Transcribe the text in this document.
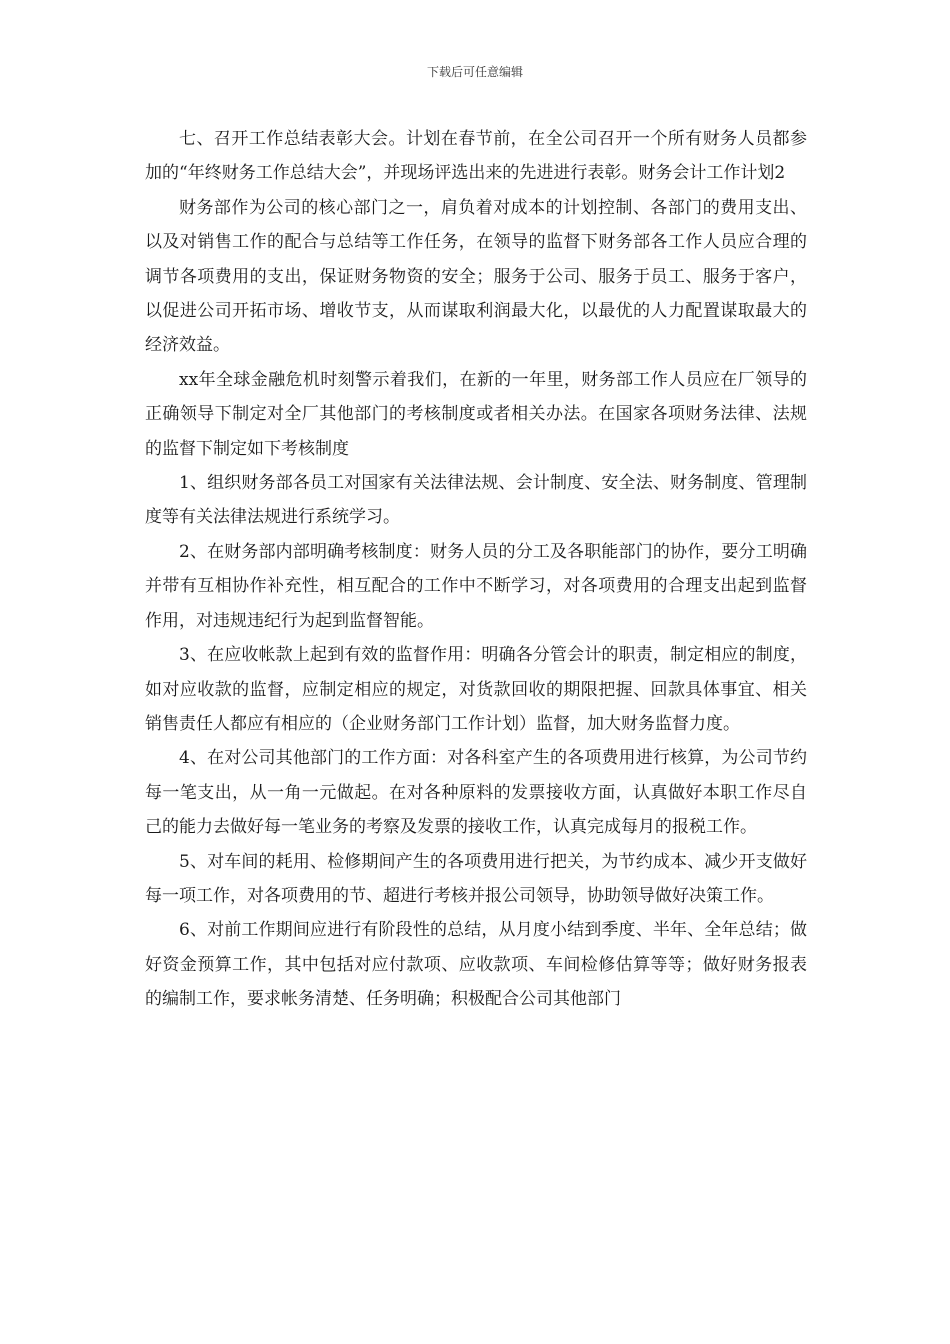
下载后可任意编辑

七、召开工作总结表彰大会。计划在春节前，在全公司召开一个所有财务人员都参加的“年终财务工作总结大会”，并现场评选出来的先进进行表彰。财务会计工作计划2

财务部作为公司的核心部门之一，肩负着对成本的计划控制、各部门的费用支出、以及对销售工作的配合与总结等工作任务，在领导的监督下财务部各工作人员应合理的调节各项费用的支出，保证财务物资的安全；服务于公司、服务于员工、服务于客户，以促进公司开拓市场、增收节支，从而谋取利润最大化，以最优的人力配置谋取最大的经济效益。

xx年全球金融危机时刻警示着我们，在新的一年里，财务部工作人员应在厂领导的正确领导下制定对全厂其他部门的考核制度或者相关办法。在国家各项财务法律、法规的监督下制定如下考核制度

1、组织财务部各员工对国家有关法律法规、会计制度、安全法、财务制度、管理制度等有关法律法规进行系统学习。

2、在财务部内部明确考核制度：财务人员的分工及各职能部门的协作，要分工明确并带有互相协作补充性，相互配合的工作中不断学习，对各项费用的合理支出起到监督作用，对违规违纪行为起到监督智能。

3、在应收帐款上起到有效的监督作用：明确各分管会计的职责，制定相应的制度，如对应收款的监督，应制定相应的规定，对货款回收的期限把握、回款具体事宜、相关销售责任人都应有相应的（企业财务部门工作计划）监督，加大财务监督力度。

4、在对公司其他部门的工作方面：对各科室产生的各项费用进行核算，为公司节约每一笔支出，从一角一元做起。在对各种原料的发票接收方面，认真做好本职工作尽自己的能力去做好每一笔业务的考察及发票的接收工作，认真完成每月的报税工作。

5、对车间的耗用、检修期间产生的各项费用进行把关，为节约成本、减少开支做好每一项工作，对各项费用的节、超进行考核并报公司领导，协助领导做好决策工作。

6、对前工作期间应进行有阶段性的总结，从月度小结到季度、半年、全年总结；做好资金预算工作，其中包括对应付款项、应收款项、车间检修估算等等；做好财务报表的编制工作，要求帐务清楚、任务明确；积极配合公司其他部门
